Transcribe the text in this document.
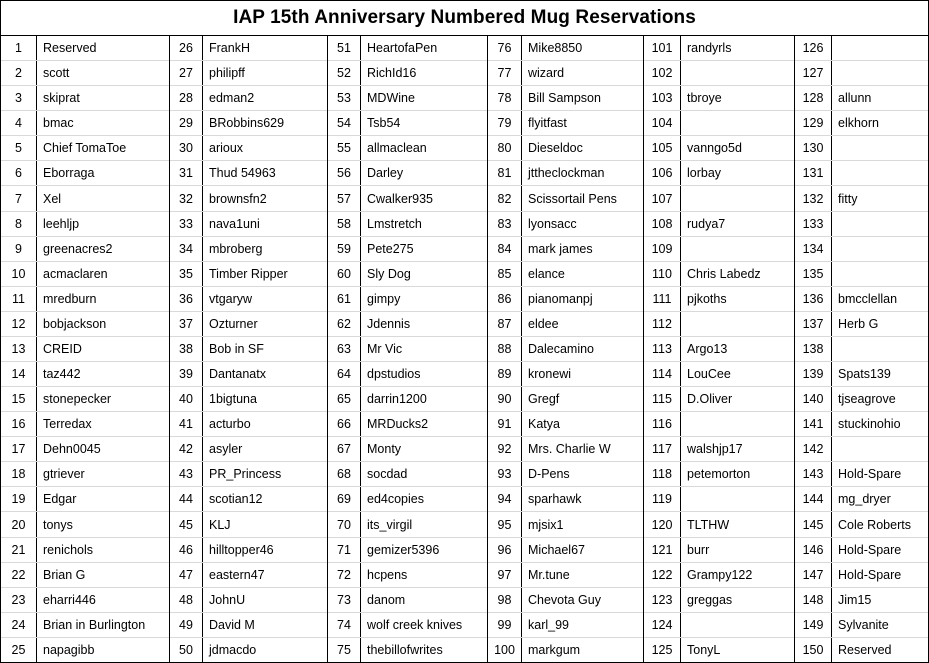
IAP 15th Anniversary Numbered Mug Reservations
1	Reserved
2	scott
3	skiprat
4	bmac
5	Chief TomaToe
6	Eborraga
7	Xel
8	leehljp
9	greenacres2
10	acmaclaren
11	mredburn
12	bobjackson
13	CREID
14	taz442
15	stonepecker
16	Terredax
17	Dehn0045
18	gtriever
19	Edgar
20	tonys
21	renichols
22	Brian G
23	eharri446
24	Brian in Burlington
25	napagibb
26	FrankH
27	philipff
28	edman2
29	BRobbins629
30	arioux
31	Thud 54963
32	brownsfn2
33	nava1uni
34	mbroberg
35	Timber Ripper
36	vtgaryw
37	Ozturner
38	Bob in SF
39	Dantanatx
40	1bigtuna
41	acturbo
42	asyler
43	PR_Princess
44	scotian12
45	KLJ
46	hilltopper46
47	eastern47
48	JohnU
49	David M
50	jdmacdo
51	HeartofaPen
52	RichId16
53	MDWine
54	Tsb54
55	allmaclean
56	Darley
57	Cwalker935
58	Lmstretch
59	Pete275
60	Sly Dog
61	gimpy
62	Jdennis
63	Mr Vic
64	dpstudios
65	darrin1200
66	MRDucks2
67	Monty
68	socdad
69	ed4copies
70	its_virgil
71	gemizer5396
72	hcpens
73	danom
74	wolf creek knives
75	thebillofwrites
76	Mike8850
77	wizard
78	Bill Sampson
79	flyitfast
80	Dieseldoc
81	jttheclockman
82	Scissortail Pens
83	lyonsacc
84	mark james
85	elance
86	pianomanpj
87	eldee
88	Dalecamino
89	kronewi
90	Gregf
91	Katya
92	Mrs. Charlie W
93	D-Pens
94	sparhawk
95	mjsix1
96	Michael67
97	Mr.tune
98	Chevota Guy
99	karl_99
100	markgum
101	randyrls
102
103	tbroye
104
105	vanngo5d
106	lorbay
107
108	rudya7
109
110	Chris Labedz
111	pjkoths
112
113	Argo13
114	LouCee
115	D.Oliver
116
117	walshjp17
118	petemorton
119
120	TLTHW
121	burr
122	Grampy122
123	greggas
124
125	TonyL
126
127
128	allunn
129	elkhorn
130
131
132	fitty
133
134
135
136	bmcclellan
137	Herb G
138
139	Spats139
140	tjseagrove
141	stuckinohio
142
143	Hold-Spare
144	mg_dryer
145	Cole Roberts
146	Hold-Spare
147	Hold-Spare
148	Jim15
149	Sylvanite
150	Reserved
